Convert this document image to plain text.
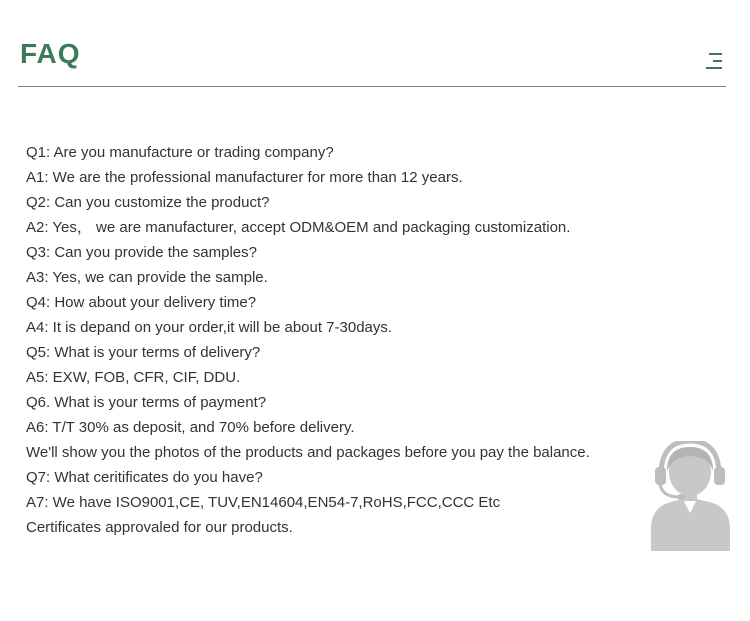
FAQ
Q1: Are you manufacture or trading company?
A1: We are the professional manufacturer for more than 12 years.
Q2: Can you customize the product?
A2: Yes， we are manufacturer, accept ODM&OEM and packaging customization.
Q3: Can you provide the samples?
A3: Yes, we can provide the sample.
Q4: How about your delivery time?
A4: It is depand on your order,it will be about 7-30days.
Q5: What is your terms of delivery?
A5: EXW, FOB, CFR, CIF, DDU.
Q6. What is your terms of payment?
A6: T/T 30% as deposit, and 70% before delivery.
We'll show you the photos of the products and packages before you pay the balance.
Q7: What ceritificates do you have?
A7: We have ISO9001,CE, TUV,EN14604,EN54-7,RoHS,FCC,CCC Etc
Certificates approvaled for our products.
